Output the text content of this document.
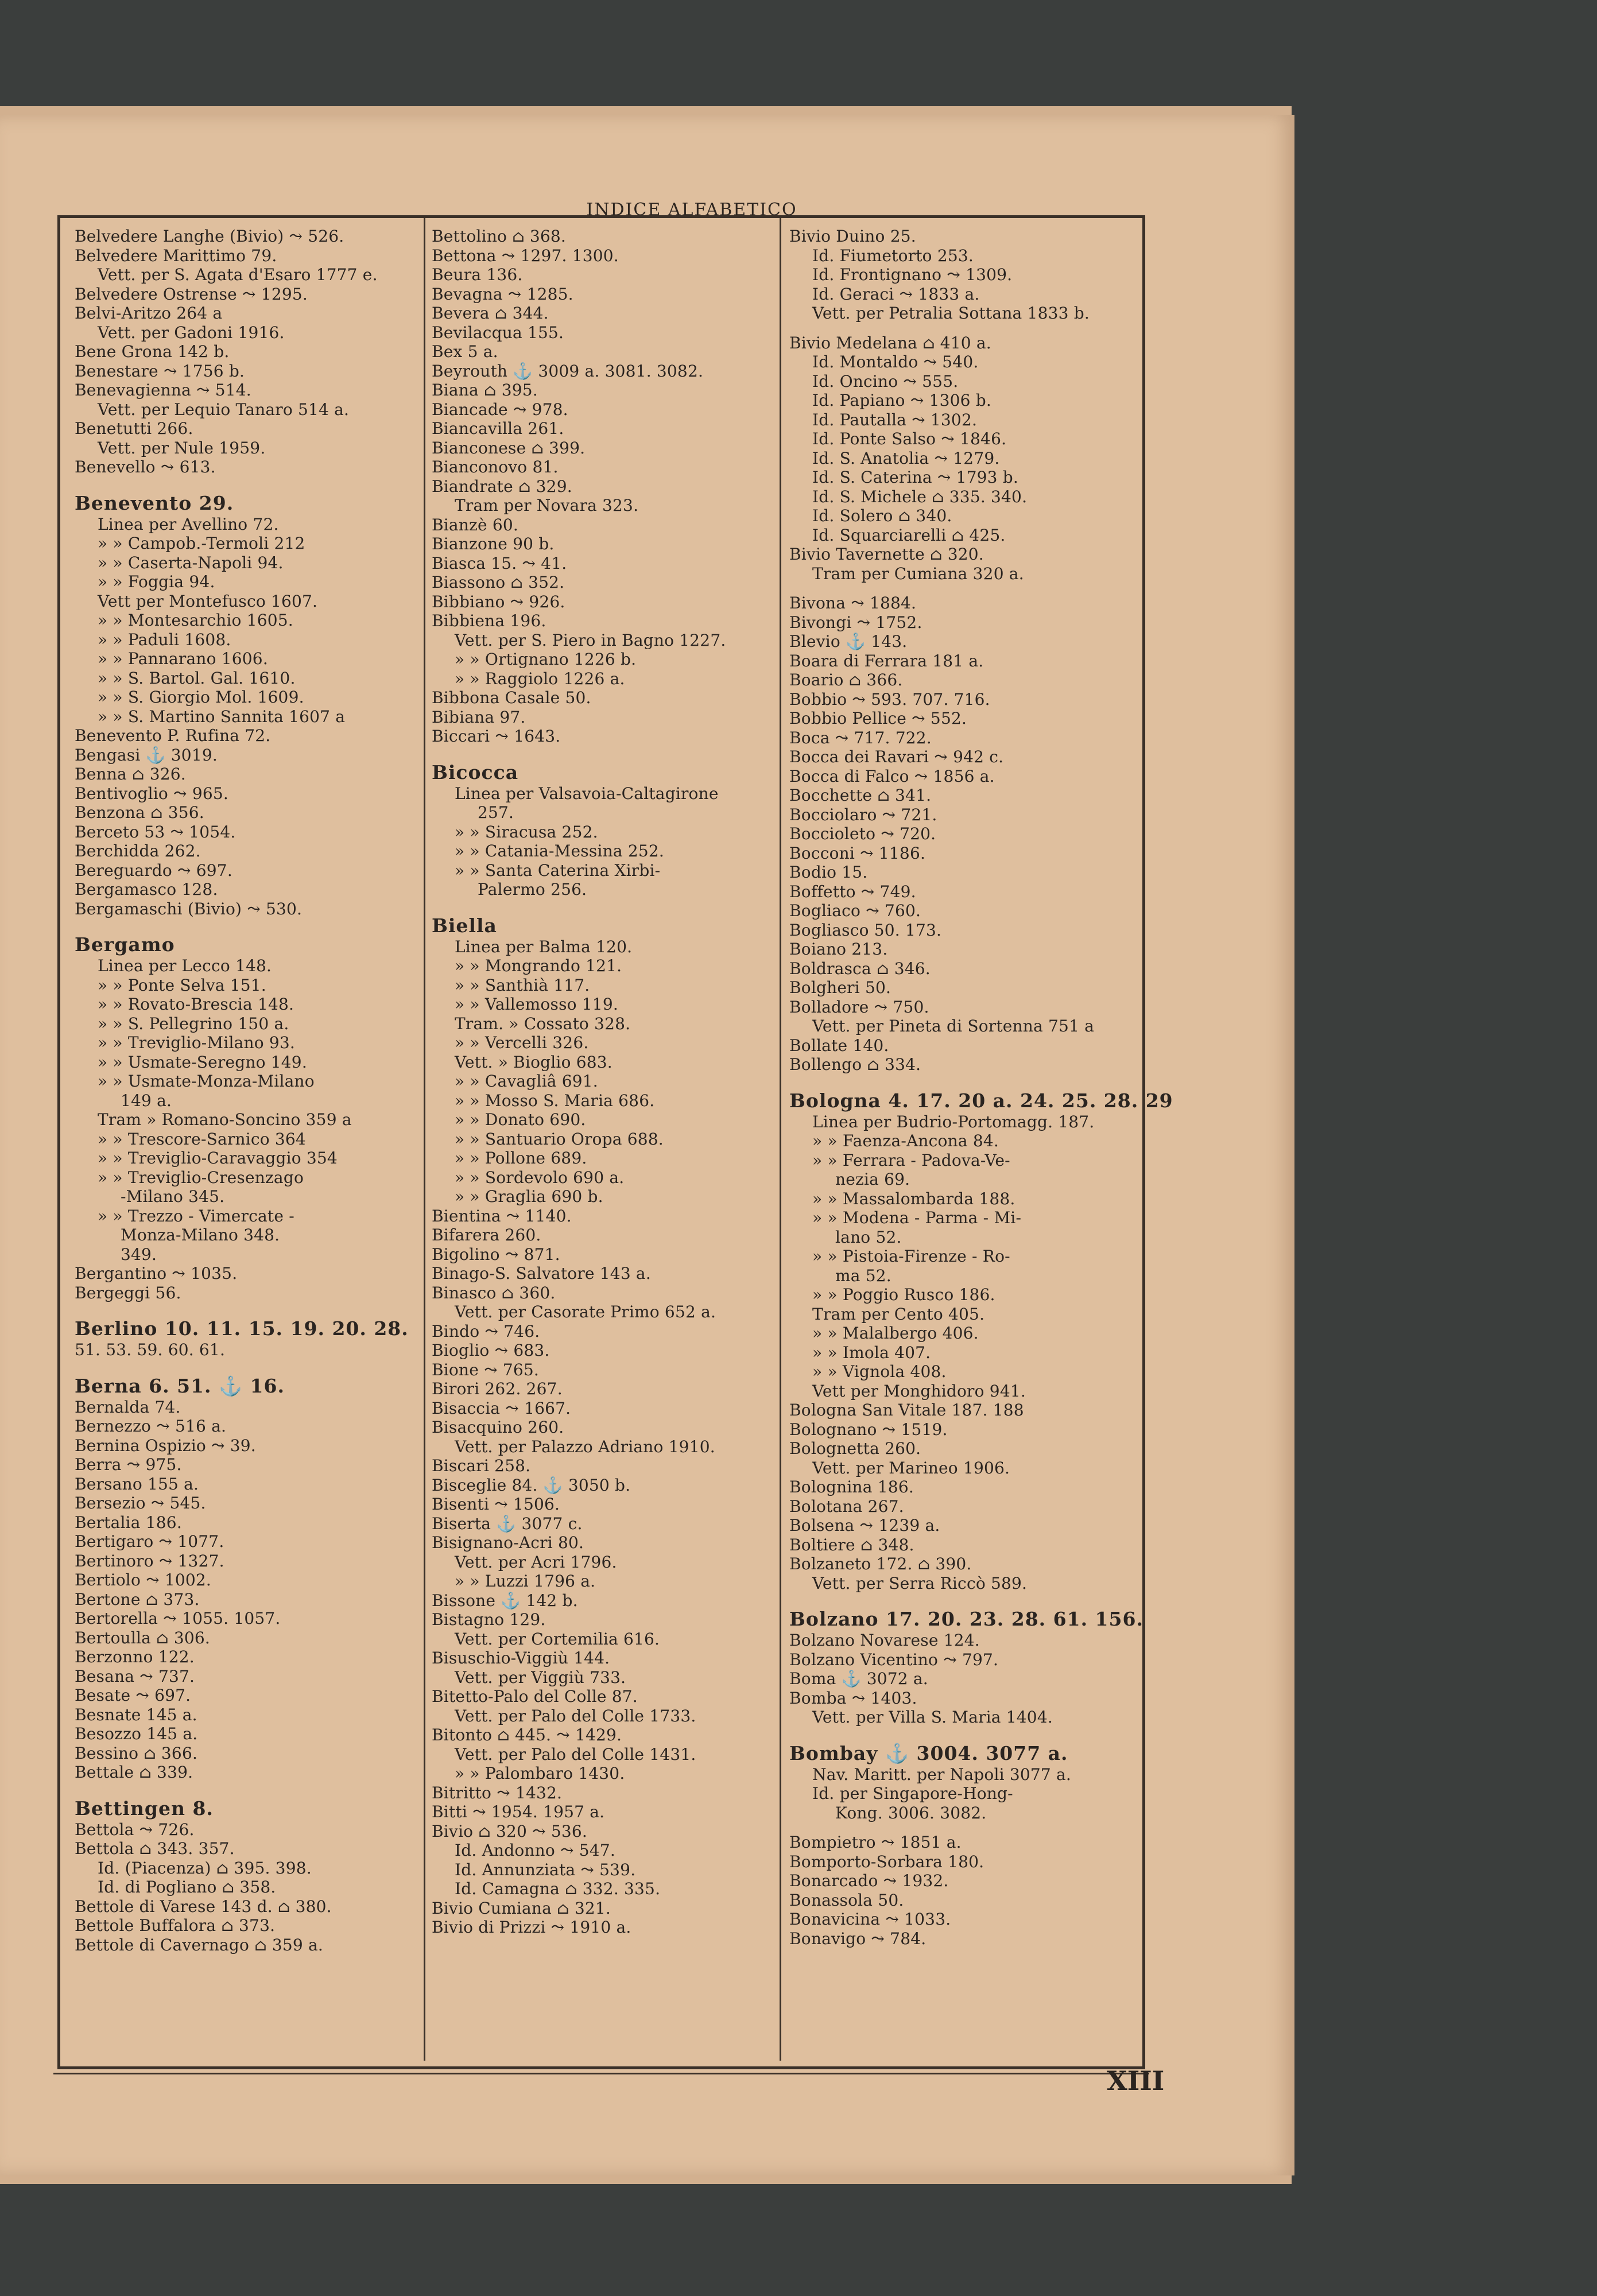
INDICE ALFABETICO
Belvedere Langhe (Bivio) ⤳ 526.
Belvedere Marittimo 79.
Vett. per S. Agata d'Esaro 1777 e.
Belvedere Ostrense ⤳ 1295.
Belvi-Aritzo 264 a
Vett. per Gadoni 1916.
Bene Grona 142 b.
Benestare ⤳ 1756 b.
Benevagienna ⤳ 514.
Vett. per Lequio Tanaro 514 a.
Benetutti 266.
Vett. per Nule 1959.
Benevello ⤳ 613.
Benevento 29.
Linea per Avellino 72.
» » Campob.-Termoli 212
» » Caserta-Napoli 94.
» » Foggia 94.
Vett per Montefusco 1607.
» » Montesarchio 1605.
» » Paduli 1608.
» » Pannarano 1606.
» » S. Bartol. Gal. 1610.
» » S. Giorgio Mol. 1609.
» » S. Martino Sannita 1607 a
Benevento P. Rufina 72.
Bengasi ⚓ 3019.
Benna ⌂ 326.
Bentivoglio ⤳ 965.
Benzona ⌂ 356.
Berceto 53 ⤳ 1054.
Berchidda 262.
Bereguardo ⤳ 697.
Bergamasco 128.
Bergamaschi (Bivio) ⤳ 530.
Bergamo
Linea per Lecco 148.
» » Ponte Selva 151.
» » Rovato-Brescia 148.
» » S. Pellegrino 150 a.
» » Treviglio-Milano 93.
» » Usmate-Seregno 149.
» » Usmate-Monza-Milano
149 a.
Tram » Romano-Soncino 359 a
» » Trescore-Sarnico 364
» » Treviglio-Caravaggio 354
» » Treviglio-Cresenzago
-Milano 345.
» » Trezzo - Vimercate -
Monza-Milano 348.
349.
Bergantino ⤳ 1035.
Bergeggi 56.
Berlino 10. 11. 15. 19. 20. 28.
51. 53. 59. 60. 61.
Berna 6. 51. ⚓ 16.
Bernalda 74.
Bernezzo ⤳ 516 a.
Bernina Ospizio ⤳ 39.
Berra ⤳ 975.
Bersano 155 a.
Bersezio ⤳ 545.
Bertalia 186.
Bertigaro ⤳ 1077.
Bertinoro ⤳ 1327.
Bertiolo ⤳ 1002.
Bertone ⌂ 373.
Bertorella ⤳ 1055. 1057.
Bertoulla ⌂ 306.
Berzonno 122.
Besana ⤳ 737.
Besate ⤳ 697.
Besnate 145 a.
Besozzo 145 a.
Bessino ⌂ 366.
Bettale ⌂ 339.
Bettingen 8.
Bettola ⤳ 726.
Bettola ⌂ 343. 357.
Id. (Piacenza) ⌂ 395. 398.
Id. di Pogliano ⌂ 358.
Bettole di Varese 143 d. ⌂ 380.
Bettole Buffalora ⌂ 373.
Bettole di Cavernago ⌂ 359 a.
Bettolino ⌂ 368.
Bettona ⤳ 1297. 1300.
Beura 136.
Bevagna ⤳ 1285.
Bevera ⌂ 344.
Bevilacqua 155.
Bex 5 a.
Beyrouth ⚓ 3009 a. 3081. 3082.
Biana ⌂ 395.
Biancade ⤳ 978.
Biancavilla 261.
Bianconese ⌂ 399.
Bianconovo 81.
Biandrate ⌂ 329.
Tram per Novara 323.
Bianzè 60.
Bianzone 90 b.
Biasca 15. ⤳ 41.
Biassono ⌂ 352.
Bibbiano ⤳ 926.
Bibbiena 196.
Vett. per S. Piero in Bagno 1227.
» » Ortignano 1226 b.
» » Raggiolo 1226 a.
Bibbona Casale 50.
Bibiana 97.
Biccari ⤳ 1643.
Bicocca
Linea per Valsavoia-Caltagirone
257.
» » Siracusa 252.
» » Catania-Messina 252.
» » Santa Caterina Xirbi-
Palermo 256.
Biella
Linea per Balma 120.
» » Mongrando 121.
» » Santhià 117.
» » Vallemosso 119.
Tram. » Cossato 328.
» » Vercelli 326.
Vett. » Bioglio 683.
» » Cavagliâ 691.
» » Mosso S. Maria 686.
» » Donato 690.
» » Santuario Oropa 688.
» » Pollone 689.
» » Sordevolo 690 a.
» » Graglia 690 b.
Bientina ⤳ 1140.
Bifarera 260.
Bigolino ⤳ 871.
Binago-S. Salvatore 143 a.
Binasco ⌂ 360.
Vett. per Casorate Primo 652 a.
Bindo ⤳ 746.
Bioglio ⤳ 683.
Bione ⤳ 765.
Birori 262. 267.
Bisaccia ⤳ 1667.
Bisacquino 260.
Vett. per Palazzo Adriano 1910.
Biscari 258.
Bisceglie 84. ⚓ 3050 b.
Bisenti ⤳ 1506.
Biserta ⚓ 3077 c.
Bisignano-Acri 80.
Vett. per Acri 1796.
» » Luzzi 1796 a.
Bissone ⚓ 142 b.
Bistagno 129.
Vett. per Cortemilia 616.
Bisuschio-Viggiù 144.
Vett. per Viggiù 733.
Bitetto-Palo del Colle 87.
Vett. per Palo del Colle 1733.
Bitonto ⌂ 445. ⤳ 1429.
Vett. per Palo del Colle 1431.
» » Palombaro 1430.
Bitritto ⤳ 1432.
Bitti ⤳ 1954. 1957 a.
Bivio ⌂ 320 ⤳ 536.
Id. Andonno ⤳ 547.
Id. Annunziata ⤳ 539.
Id. Camagna ⌂ 332. 335.
Bivio Cumiana ⌂ 321.
Bivio di Prizzi ⤳ 1910 a.
Bivio Duino 25.
Id. Fiumetorto 253.
Id. Frontignano ⤳ 1309.
Id. Geraci ⤳ 1833 a.
Vett. per Petralia Sottana 1833 b.
Bivio Medelana ⌂ 410 a.
Id. Montaldo ⤳ 540.
Id. Oncino ⤳ 555.
Id. Papiano ⤳ 1306 b.
Id. Pautalla ⤳ 1302.
Id. Ponte Salso ⤳ 1846.
Id. S. Anatolia ⤳ 1279.
Id. S. Caterina ⤳ 1793 b.
Id. S. Michele ⌂ 335. 340.
Id. Solero ⌂ 340.
Id. Squarciarelli ⌂ 425.
Bivio Tavernette ⌂ 320.
Tram per Cumiana 320 a.
Bivona ⤳ 1884.
Bivongi ⤳ 1752.
Blevio ⚓ 143.
Boara di Ferrara 181 a.
Boario ⌂ 366.
Bobbio ⤳ 593. 707. 716.
Bobbio Pellice ⤳ 552.
Boca ⤳ 717. 722.
Bocca dei Ravari ⤳ 942 c.
Bocca di Falco ⤳ 1856 a.
Bocchette ⌂ 341.
Bocciolaro ⤳ 721.
Boccioleto ⤳ 720.
Bocconi ⤳ 1186.
Bodio 15.
Boffetto ⤳ 749.
Bogliaco ⤳ 760.
Bogliasco 50. 173.
Boiano 213.
Boldrasca ⌂ 346.
Bolgheri 50.
Bolladore ⤳ 750.
Vett. per Pineta di Sortenna 751 a
Bollate 140.
Bollengo ⌂ 334.
Bologna 4. 17. 20 a. 24. 25. 28. 29
Linea per Budrio-Portomagg. 187.
» » Faenza-Ancona 84.
» » Ferrara - Padova-Ve-
nezia 69.
» » Massalombarda 188.
» » Modena - Parma - Mi-
lano 52.
» » Pistoia-Firenze - Ro-
ma 52.
» » Poggio Rusco 186.
Tram per Cento 405.
» » Malalbergo 406.
» » Imola 407.
» » Vignola 408.
Vett per Monghidoro 941.
Bologna San Vitale 187. 188
Bolognano ⤳ 1519.
Bolognetta 260.
Vett. per Marineo 1906.
Bolognina 186.
Bolotana 267.
Bolsena ⤳ 1239 a.
Boltiere ⌂ 348.
Bolzaneto 172. ⌂ 390.
Vett. per Serra Riccò 589.
Bolzano 17. 20. 23. 28. 61. 156.
Bolzano Novarese 124.
Bolzano Vicentino ⤳ 797.
Boma ⚓ 3072 a.
Bomba ⤳ 1403.
Vett. per Villa S. Maria 1404.
Bombay ⚓ 3004. 3077 a.
Nav. Maritt. per Napoli 3077 a.
Id. per Singapore-Hong-
Kong. 3006. 3082.
Bompietro ⤳ 1851 a.
Bomporto-Sorbara 180.
Bonarcado ⤳ 1932.
Bonassola 50.
Bonavicina ⤳ 1033.
Bonavigo ⤳ 784.
XIII
